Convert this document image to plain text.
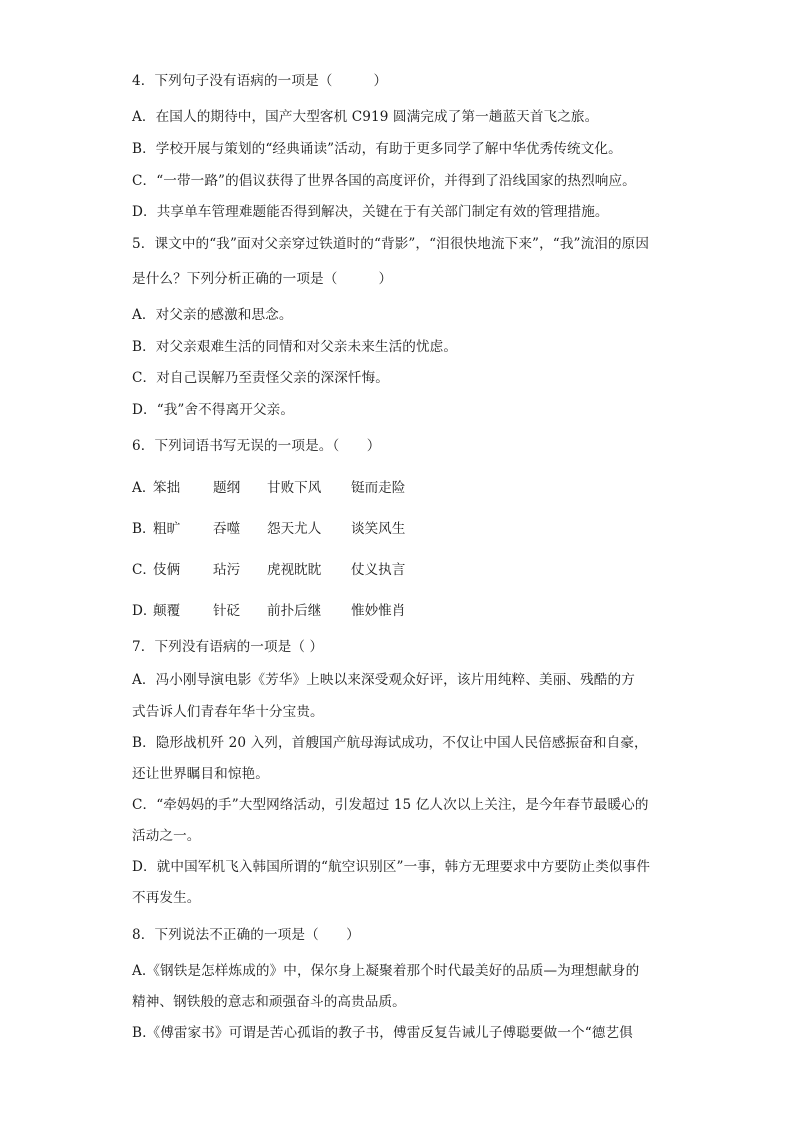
4．下列句子没有语病的一项是（　　　）
A．在国人的期待中，国产大型客机 C919 圆满完成了第一趟蓝天首飞之旅。
B．学校开展与策划的“经典诵读”活动，有助于更多同学了解中华优秀传统文化。
C．“一带一路”的倡议获得了世界各国的高度评价，并得到了沿线国家的热烈响应。
D．共享单车管理难题能否得到解决，关键在于有关部门制定有效的管理措施。
5．课文中的“我”面对父亲穿过铁道时的“背影”，“泪很快地流下来”，“我”流泪的原因
是什么？下列分析正确的一项是（　　　）
A．对父亲的感激和思念。
B．对父亲艰难生活的同情和对父亲未来生活的忧虑。
C．对自己误解乃至责怪父亲的深深忏悔。
D．“我”舍不得离开父亲。
6．下列词语书写无误的一项是。（　　）
A．笨拙 题纲 甘败下风 铤而走险
B．粗旷 吞噬 怨天尤人 谈笑风生
C．伎俩 玷污 虎视眈眈 仗义执言
D．颠覆 针砭 前扑后继 惟妙惟肖
7．下列没有语病的一项是（ ）
A．冯小刚导演电影《芳华》上映以来深受观众好评，该片用纯粹、美丽、残酷的方
式告诉人们青春年华十分宝贵。
B．隐形战机歼 20 入列，首艘国产航母海试成功，不仅让中国人民倍感振奋和自豪，
还让世界瞩目和惊艳。
C．“牵妈妈的手”大型网络活动，引发超过 15 亿人次以上关注，是今年春节最暖心的
活动之一。
D．就中国军机飞入韩国所谓的“航空识别区”一事，韩方无理要求中方要防止类似事件
不再发生。
8．下列说法不正确的一项是（　　）
A.《钢铁是怎样炼成的》中，保尔身上凝聚着那个时代最美好的品质—为理想献身的
精神、钢铁般的意志和顽强奋斗的高贵品质。
B.《傅雷家书》可谓是苦心孤诣的教子书，傅雷反复告诫儿子傅聪要做一个“德艺俱
